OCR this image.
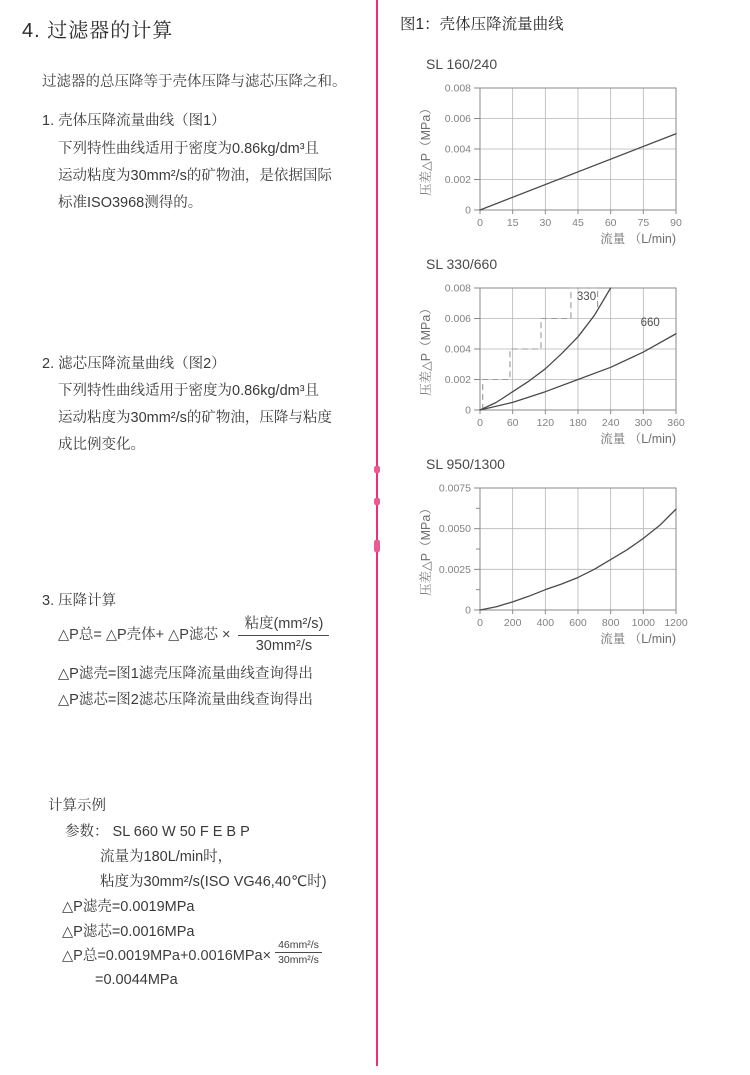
4. 过滤器的计算
过滤器的总压降等于壳体压降与滤芯压降之和。
1. 壳体压降流量曲线（图1）
下列特性曲线适用于密度为0.86kg/dm³且
运动粘度为30mm²/s的矿物油，是依据国际
标准ISO3968测得的。
2. 滤芯压降流量曲线（图2）
下列特性曲线适用于密度为0.86kg/dm³且
运动粘度为30mm²/s的矿物油，压降与粘度
成比例变化。
3. 压降计算
△P总= △P壳体+ △P滤芯 × $\frac{\text{粘度(mm²/s)}}{\text{30mm²/s}}$
△P滤壳=图1滤壳压降流量曲线查询得出
△P滤芯=图2滤芯压降流量曲线查询得出
计算示例
参数： SL 660 W 50 F E B P
流量为180L/min时，
粘度为30mm²/s(ISO VG46,40℃时)
△P滤壳=0.0019MPa
△P滤芯=0.0016MPa
△P总$=0.0019MPa+0.0016MPa\times \frac{\text{46mm²/s}}{\text{30mm²/s}}$
=0.0044MPa
图1：壳体压降流量曲线
SL 160/240
0 15 30 45 60 75 90
0
0.002
0.004
0.006
0.008
流量 （L/min)
压差△P（MPa）
SL 330/660
0 60 120 180 240 300 360
0
0.002
0.004
0.006
0.008
330
660
流量 （L/min)
压差△P（MPa）
SL 950/1300
0 200 400 600 800 1000 1200
0
0.0025
0.0050
0.0075
流量 （L/min)
压差△P（MPa）
